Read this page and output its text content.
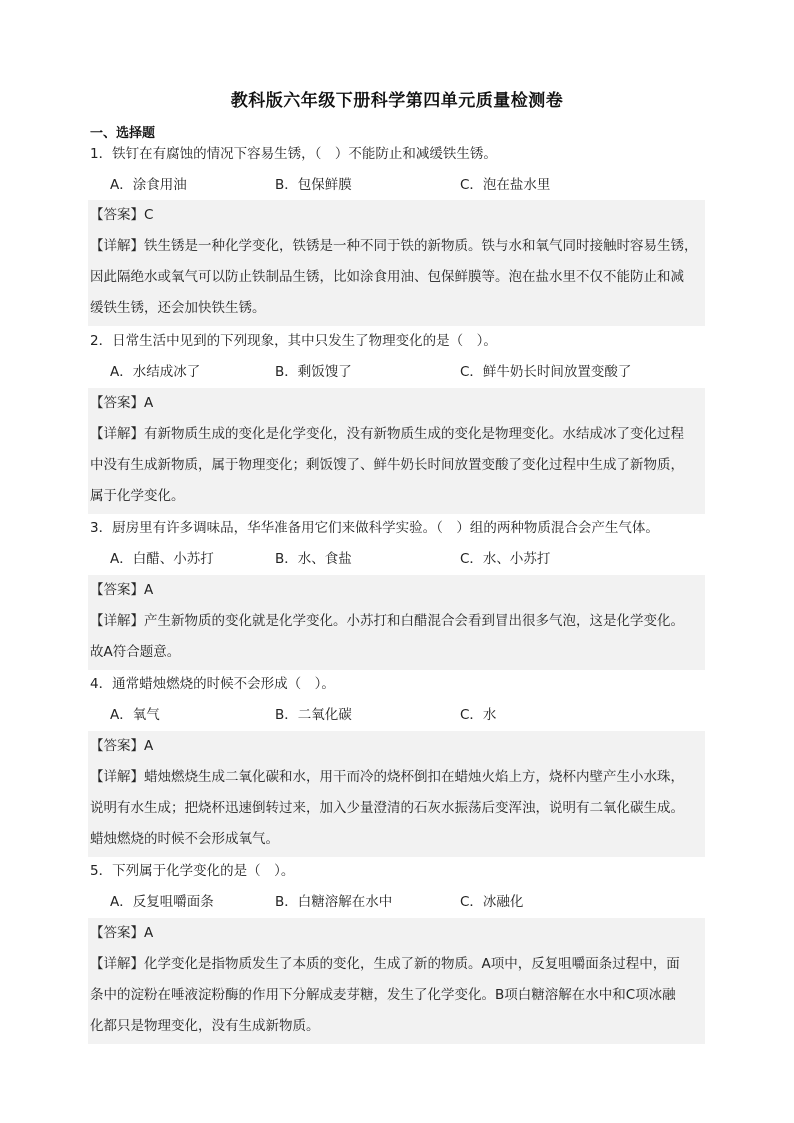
教科版六年级下册科学第四单元质量检测卷
一、选择题
1．铁钉在有腐蚀的情况下容易生锈，（　）不能防止和减缓铁生锈。
A．涂食用油	B．包保鲜膜	C．泡在盐水里
【答案】C
【详解】铁生锈是一种化学变化，铁锈是一种不同于铁的新物质。铁与水和氧气同时接触时容易生锈，
因此隔绝水或氧气可以防止铁制品生锈，比如涂食用油、包保鲜膜等。泡在盐水里不仅不能防止和减
缓铁生锈，还会加快铁生锈。
2．日常生活中见到的下列现象，其中只发生了物理变化的是（　）。
A．水结成冰了	B．剩饭馊了	C．鲜牛奶长时间放置变酸了
【答案】A
【详解】有新物质生成的变化是化学变化，没有新物质生成的变化是物理变化。水结成冰了变化过程
中没有生成新物质，属于物理变化；剩饭馊了、鲜牛奶长时间放置变酸了变化过程中生成了新物质，
属于化学变化。
3．厨房里有许多调味品，华华准备用它们来做科学实验。（　）组的两种物质混合会产生气体。
A．白醋、小苏打	B．水、食盐	C．水、小苏打
【答案】A
【详解】产生新物质的变化就是化学变化。小苏打和白醋混合会看到冒出很多气泡，这是化学变化。
故A符合题意。
4．通常蜡烛燃烧的时候不会形成（　）。
A．氧气	B．二氧化碳	C．水
【答案】A
【详解】蜡烛燃烧生成二氧化碳和水，用干而冷的烧杯倒扣在蜡烛火焰上方，烧杯内壁产生小水珠，
说明有水生成；把烧杯迅速倒转过来，加入少量澄清的石灰水振荡后变浑浊，说明有二氧化碳生成。
蜡烛燃烧的时候不会形成氧气。
5．下列属于化学变化的是（　）。
A．反复咀嚼面条	B．白糖溶解在水中	C．冰融化
【答案】A
【详解】化学变化是指物质发生了本质的变化，生成了新的物质。A项中，反复咀嚼面条过程中，面
条中的淀粉在唾液淀粉酶的作用下分解成麦芽糖，发生了化学变化。B项白糖溶解在水中和C项冰融
化都只是物理变化，没有生成新物质。
